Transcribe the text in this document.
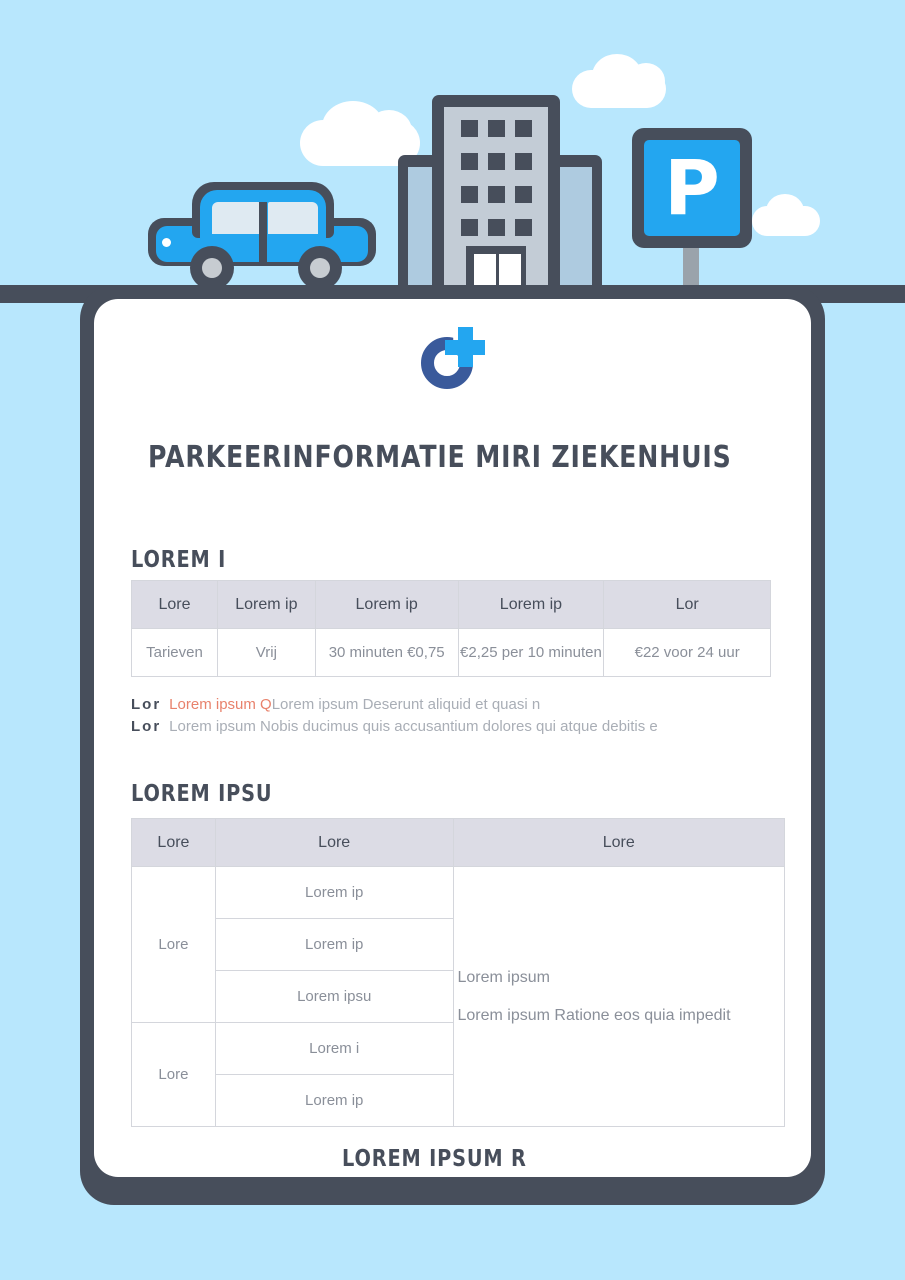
P
PARKEERINFORMATIE MIRI ZIEKENHUIS
LOREM I
Lore	Lorem ip	Lorem ip	Lorem ip	Lor
Tarieven	Vrij	30 minuten €0,75	€2,25 per 10 minuten	€22 voor 24 uur
Lor Lorem ipsum QLorem ipsum Deserunt aliquid et quasi n
Lor Lorem ipsum Nobis ducimus quis accusantium dolores qui atque debitis e
LOREM IPSU
Lore	Lore	Lore
Lore	Lorem ip	Lorem ipsum
Lorem ipsum Ratione eos quia impedit

	Lorem ip	
	Lorem ipsu	
Lore	Lorem i	
	Lorem ip	
LOREM IPSUM R
